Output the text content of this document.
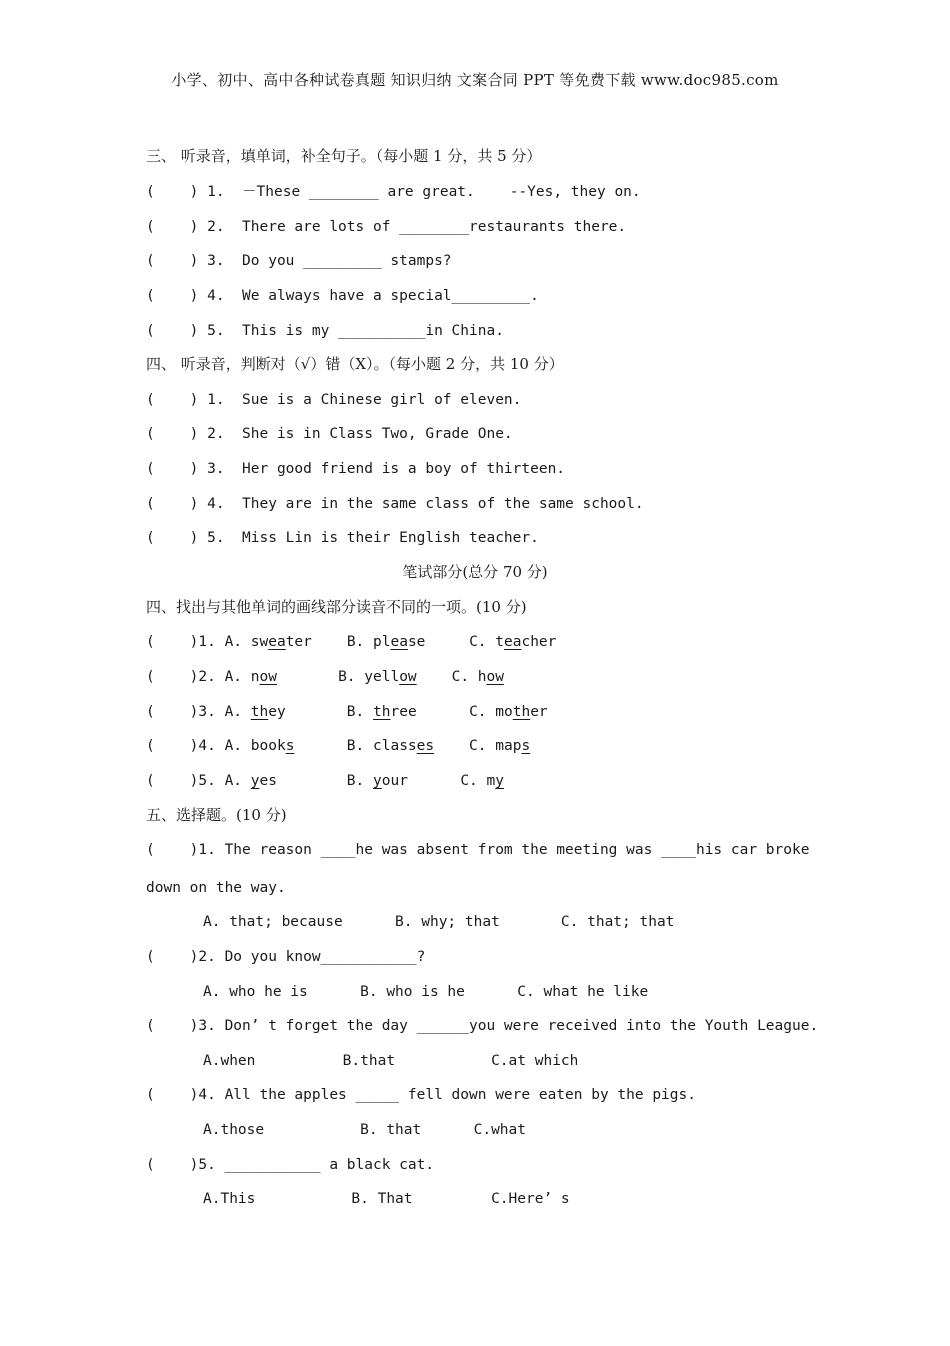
小学、初中、高中各种试卷真题 知识归纳 文案合同 PPT 等免费下载 www.doc985.com
三、 听录音，填单词，补全句子。（每小题 1 分，共 5 分）
(    ) 1.  －These ________ are great.    --Yes, they on.
(    ) 2.  There are lots of ________restaurants there.
(    ) 3.  Do you _________ stamps?
(    ) 4.  We always have a special_________.
(    ) 5.  This is my __________in China.
四、 听录音，判断对（√）错（X）。（每小题 2 分，共 10 分）
(    ) 1.  Sue is a Chinese girl of eleven.
(    ) 2.  She is in Class Two, Grade One.
(    ) 3.  Her good friend is a boy of thirteen.
(    ) 4.  They are in the same class of the same school.
(    ) 5.  Miss Lin is their English teacher.
笔试部分(总分 70 分)
四、找出与其他单词的画线部分读音不同的一项。(10 分)
(    )1. A. sweater    B. please     C. teacher
(    )2. A. now       B. yellow    C. how
(    )3. A. they       B. three      C. mother
(    )4. A. books      B. classes    C. maps
(    )5. A. yes        B. your      C. my
五、选择题。(10 分)
(    )1. The reason ____he was absent from the meeting was ____his car broke
down on the way.
A. that; because      B. why; that       C. that; that
(    )2. Do you know___________?
A. who he is      B. who is he      C. what he like
(    )3. Don’ t forget the day ______you were received into the Youth League.
A.when          B.that           C.at which
(    )4. All the apples _____ fell down were eaten by the pigs.
A.those           B. that      C.what
(    )5. ___________ a black cat.
A.This           B. That         C.Here’ s
